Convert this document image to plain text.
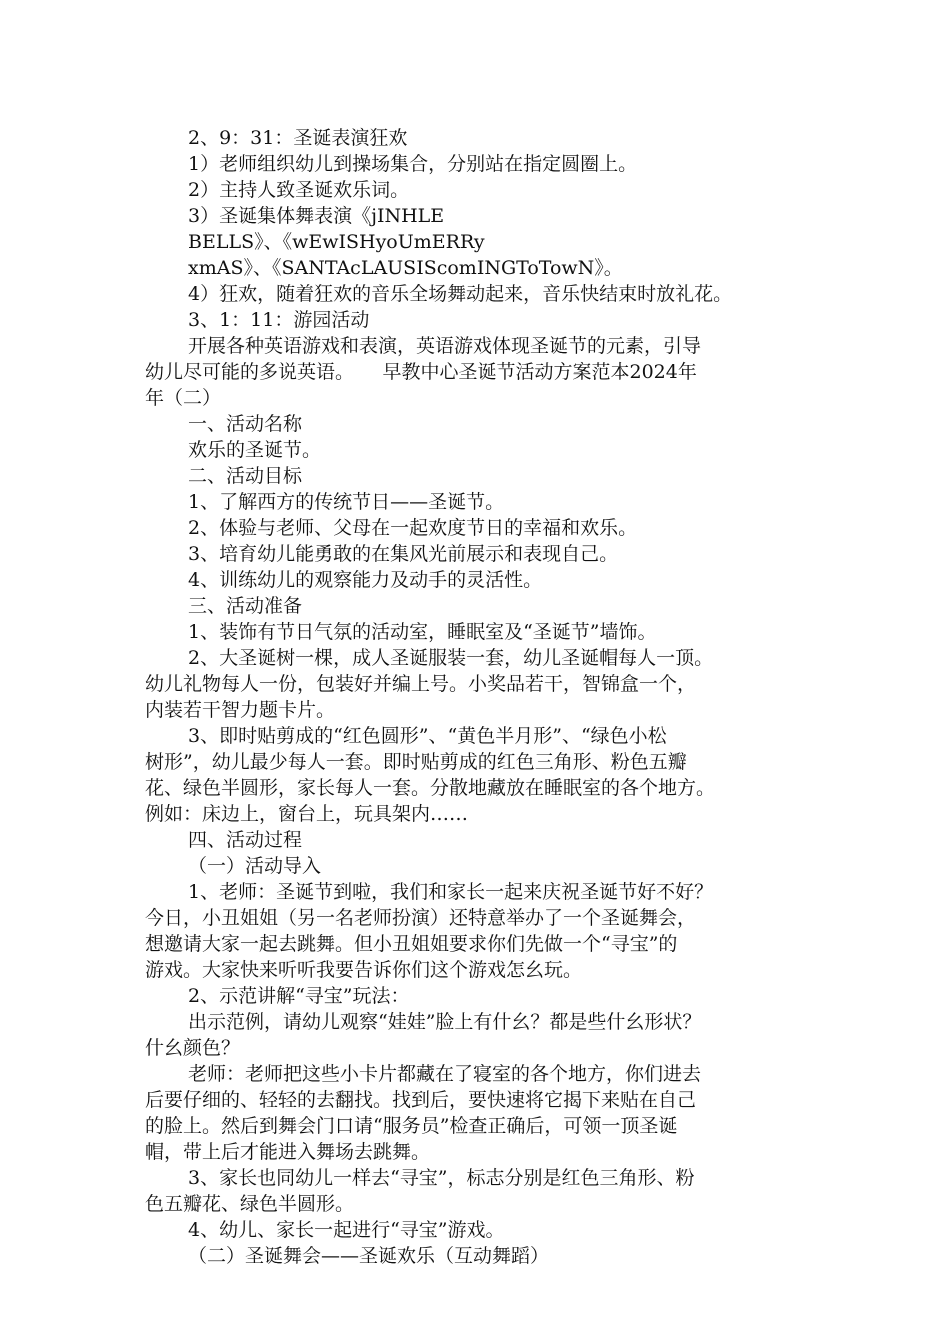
2、9：31：圣诞表演狂欢
1）老师组织幼儿到操场集合，分别站在指定圆圈上。
2）主持人致圣诞欢乐词。
3）圣诞集体舞表演《jINHLE
BELLS》、《wEwISHyoUmERRy
xmAS》、《SANTAcLAUSIScomINGToTowN》。
4）狂欢，随着狂欢的音乐全场舞动起来，音乐快结束时放礼花。
3、1：11：游园活动
开展各种英语游戏和表演，英语游戏体现圣诞节的元素，引导
幼儿尽可能的多说英语。　　早教中心圣诞节活动方案范本2024年
年（二）
一、活动名称
欢乐的圣诞节。
二、活动目标
1、了解西方的传统节日——圣诞节。
2、体验与老师、父母在一起欢度节日的幸福和欢乐。
3、培育幼儿能勇敢的在集风光前展示和表现自己。
4、训练幼儿的观察能力及动手的灵活性。
三、活动准备
1、装饰有节日气氛的活动室，睡眠室及“圣诞节”墙饰。
2、大圣诞树一棵，成人圣诞服装一套，幼儿圣诞帽每人一顶。
幼儿礼物每人一份，包装好并编上号。小奖品若干，智锦盒一个，
内装若干智力题卡片。
3、即时贴剪成的“红色圆形”、“黄色半月形”、“绿色小松
树形”，幼儿最少每人一套。即时贴剪成的红色三角形、粉色五瓣
花、绿色半圆形，家长每人一套。分散地藏放在睡眠室的各个地方。
例如：床边上，窗台上，玩具架内……
四、活动过程
（一）活动导入
1、老师：圣诞节到啦，我们和家长一起来庆祝圣诞节好不好？
今日，小丑姐姐（另一名老师扮演）还特意举办了一个圣诞舞会，
想邀请大家一起去跳舞。但小丑姐姐要求你们先做一个“寻宝”的
游戏。大家快来听听我要告诉你们这个游戏怎幺玩。
2、示范讲解“寻宝”玩法：
出示范例，请幼儿观察“娃娃”脸上有什幺？都是些什幺形状？
什幺颜色？
老师：老师把这些小卡片都藏在了寝室的各个地方，你们进去
后要仔细的、轻轻的去翻找。找到后，要快速将它揭下来贴在自己
的脸上。然后到舞会门口请“服务员”检查正确后，可领一顶圣诞
帽，带上后才能进入舞场去跳舞。
3、家长也同幼儿一样去“寻宝”，标志分别是红色三角形、粉
色五瓣花、绿色半圆形。
4、幼儿、家长一起进行“寻宝”游戏。
（二）圣诞舞会——圣诞欢乐（互动舞蹈）
